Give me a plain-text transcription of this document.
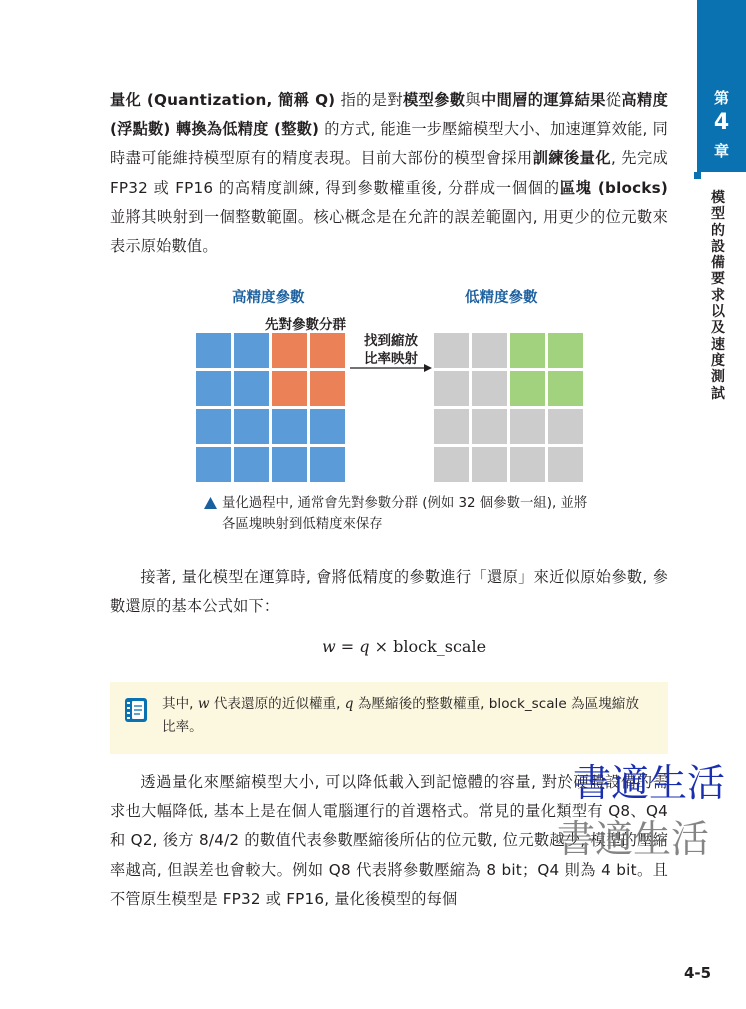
第
4
章
模型的設備要求以及速度測試

量化 (Quantization, 簡稱 Q) 指的是對模型參數與中間層的運算結果從高精度 (浮點數) 轉換為低精度 (整數) 的方式, 能進一步壓縮模型大小、加速運算效能, 同時盡可能維持模型原有的精度表現。目前大部份的模型會採用訓練後量化, 先完成 FP32 或 FP16 的高精度訓練, 得到參數權重後, 分群成一個個的區塊 (blocks) 並將其映射到一個整數範圍。核心概念是在允許的誤差範圍內, 用更少的位元數來表示原始數值。

高精度參數	低精度參數
先對參數分群
找到縮放比率映射
量化過程中, 通常會先對參數分群 (例如 32 個參數一組), 並將各區塊映射到低精度來保存

接著, 量化模型在運算時, 會將低精度的參數進行「還原」來近似原始參數, 參數還原的基本公式如下：

w = q × block_scale

其中, w 代表還原的近似權重, q 為壓縮後的整數權重, block_scale 為區塊縮放比率。

透過量化來壓縮模型大小, 可以降低載入到記憶體的容量, 對於硬體設備的需求也大幅降低, 基本上是在個人電腦運行的首選格式。常見的量化類型有 Q8、Q4 和 Q2, 後方 8/4/2 的數值代表參數壓縮後所佔的位元數, 位元數越少, 模型的壓縮率越高, 但誤差也會較大。例如 Q8 代表將參數壓縮為 8 bit；Q4 則為 4 bit。且不管原生模型是 FP32 或 FP16, 量化後模型的每個

書適生活
書適生活
4-5
